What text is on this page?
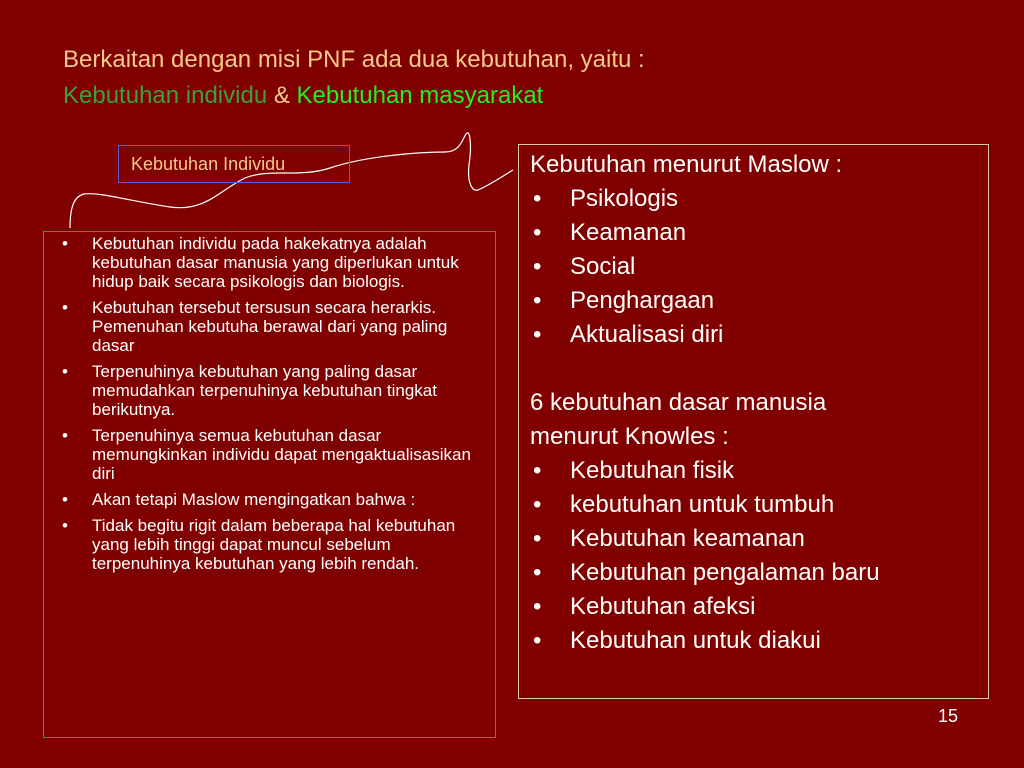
Berkaitan dengan misi PNF ada dua kebutuhan, yaitu :
Kebutuhan individu & Kebutuhan masyarakat
Kebutuhan Individu
• Kebutuhan individu pada hakekatnya adalah kebutuhan dasar manusia yang diperlukan untuk hidup baik secara psikologis dan biologis.
• Kebutuhan tersebut tersusun secara herarkis. Pemenuhan kebutuha berawal dari yang paling dasar
• Terpenuhinya kebutuhan yang paling dasar memudahkan terpenuhinya kebutuhan tingkat berikutnya.
• Terpenuhinya semua kebutuhan dasar memungkinkan individu dapat mengaktualisasikan diri
• Akan tetapi Maslow mengingatkan bahwa :
• Tidak begitu rigit dalam beberapa hal kebutuhan yang lebih tinggi dapat muncul sebelum terpenuhinya kebutuhan yang lebih rendah.
Kebutuhan menurut Maslow :
• Psikologis
• Keamanan
• Social
• Penghargaan
• Aktualisasi diri
6 kebutuhan dasar manusia
menurut Knowles :
• Kebutuhan fisik
• kebutuhan untuk tumbuh
• Kebutuhan keamanan
• Kebutuhan pengalaman baru
• Kebutuhan afeksi
• Kebutuhan untuk diakui
15
